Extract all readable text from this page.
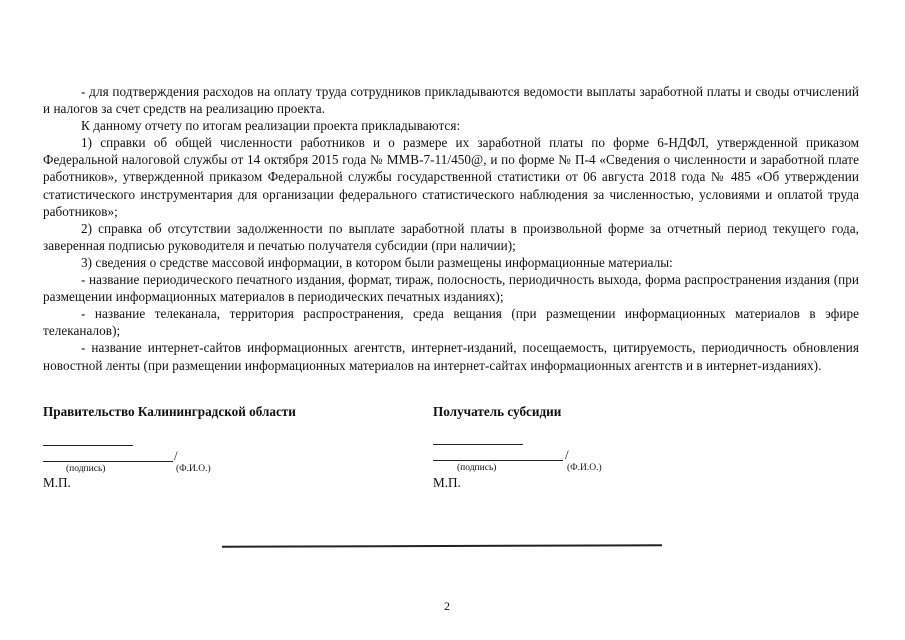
- для подтверждения расходов на оплату труда сотрудников прикладываются ведомости выплаты заработной платы и своды отчислений и налогов за счет средств на реализацию проекта.

К данному отчету по итогам реализации проекта прикладываются:

1) справки об общей численности работников и о размере их заработной платы по форме 6-НДФЛ, утвержденной приказом Федеральной налоговой службы от 14 октября 2015 года № ММВ-7-11/450@, и по форме № П-4 «Сведения о численности и заработной плате работников», утвержденной приказом Федеральной службы государственной статистики от 06 августа 2018 года № 485 «Об утверждении статистического инструментария для организации федерального статистического наблюдения за численностью, условиями и оплатой труда работников»;

2) справка об отсутствии задолженности по выплате заработной платы в произвольной форме за отчетный период текущего года, заверенная подписью руководителя и печатью получателя субсидии (при наличии);

3) сведения о средстве массовой информации, в котором были размещены информационные материалы:

- название периодического печатного издания, формат, тираж, полосность, периодичность выхода, форма распространения издания (при размещении информационных материалов в периодических печатных изданиях);

- название телеканала, территория распространения, среда вещания (при размещении информационных материалов в эфире телеканалов);

- название интернет-сайтов информационных агентств, интернет-изданий, посещаемость, цитируемость, периодичность обновления новостной ленты (при размещении информационных материалов на интернет-сайтах информационных агентств и в интернет-изданиях).

Правительство Калининградской области
/
(подпись)	(Ф.И.О.)
М.П.
Получатель субсидии
/
(подпись)	(Ф.И.О.)
М.П.
2
